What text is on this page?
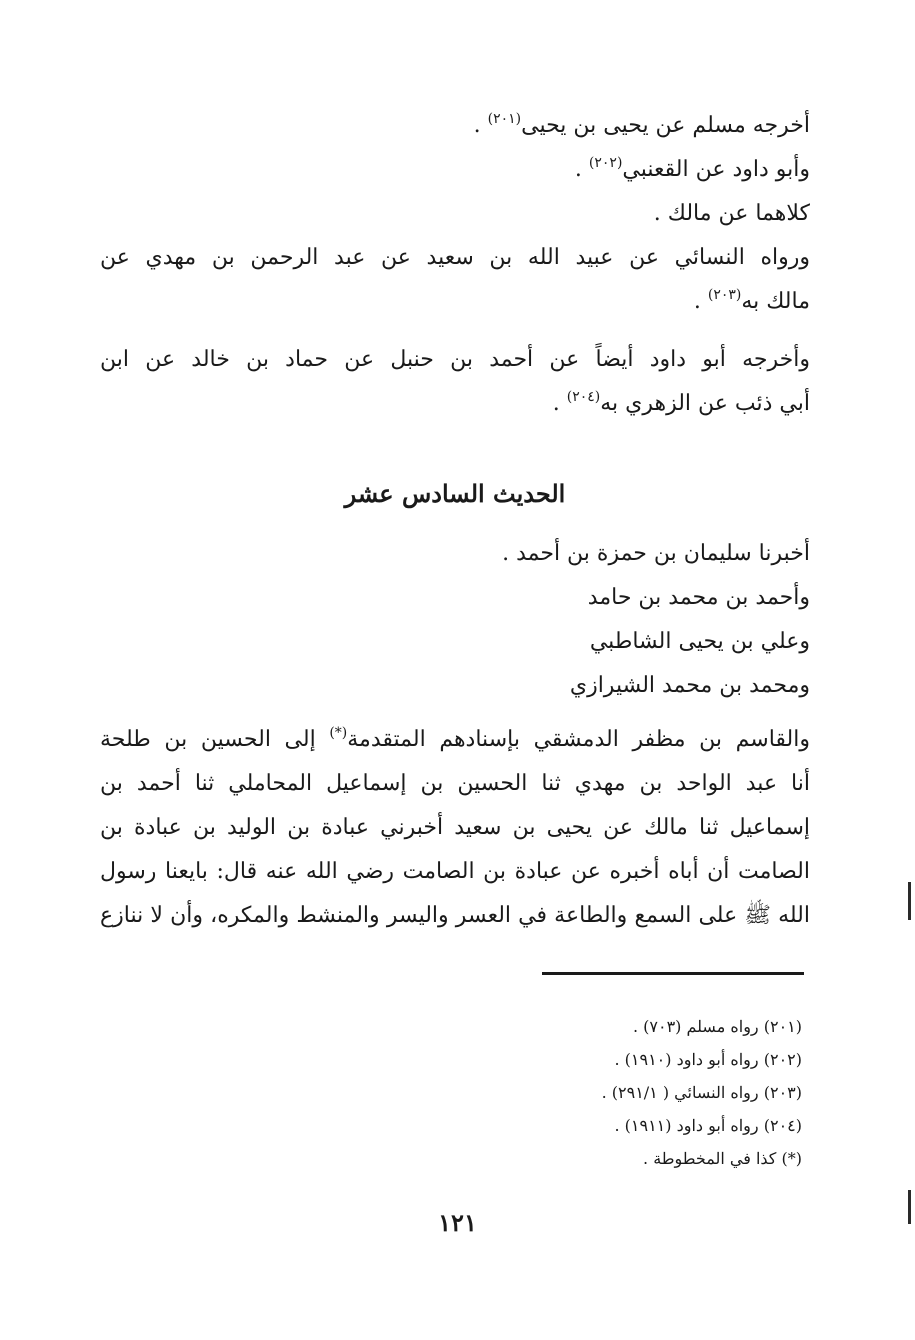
أخرجه مسلم عن يحيى بن يحيى$^{(٢٠١)}$ .
وأبو داود عن القعنبي$^{(٢٠٢)}$ .
كلاهما عن مالك .
ورواه النسائي عن عبيد الله بن سعيد عن عبد الرحمن بن مهدي عن
مالك به$^{(٢٠٣)}$ .
وأخرجه أبو داود أيضاً عن أحمد بن حنبل عن حماد بن خالد عن ابن
أبي ذئب عن الزهري به$^{(٢٠٤)}$ .
الحديث السادس عشر
أخبرنا سليمان بن حمزة بن أحمد .
وأحمد بن محمد بن حامد
وعلي بن يحيى الشاطبي
ومحمد بن محمد الشيرازي
والقاسم بن مظفر الدمشقي بإسنادهم المتقدمة(*) إلى الحسين بن طلحة
أنا عبد الواحد بن مهدي ثنا الحسين بن إسماعيل المحاملي ثنا أحمد بن
إسماعيل ثنا مالك عن يحيى بن سعيد أخبرني عبادة بن الوليد بن عبادة بن
الصامت أن أباه أخبره عن عبادة بن الصامت رضي الله عنه قال: بايعنا رسول
الله ﷺ على السمع والطاعة في العسر واليسر والمنشط والمكره، وأن لا ننازع
(٢٠١) رواه مسلم (٧٠٣) .
(٢٠٢) رواه أبو داود (١٩١٠) .
(٢٠٣) رواه النسائي ( ٢٩١/١) .
(٢٠٤) رواه أبو داود (١٩١١) .
(*) كذا في المخطوطة .
١٢١
